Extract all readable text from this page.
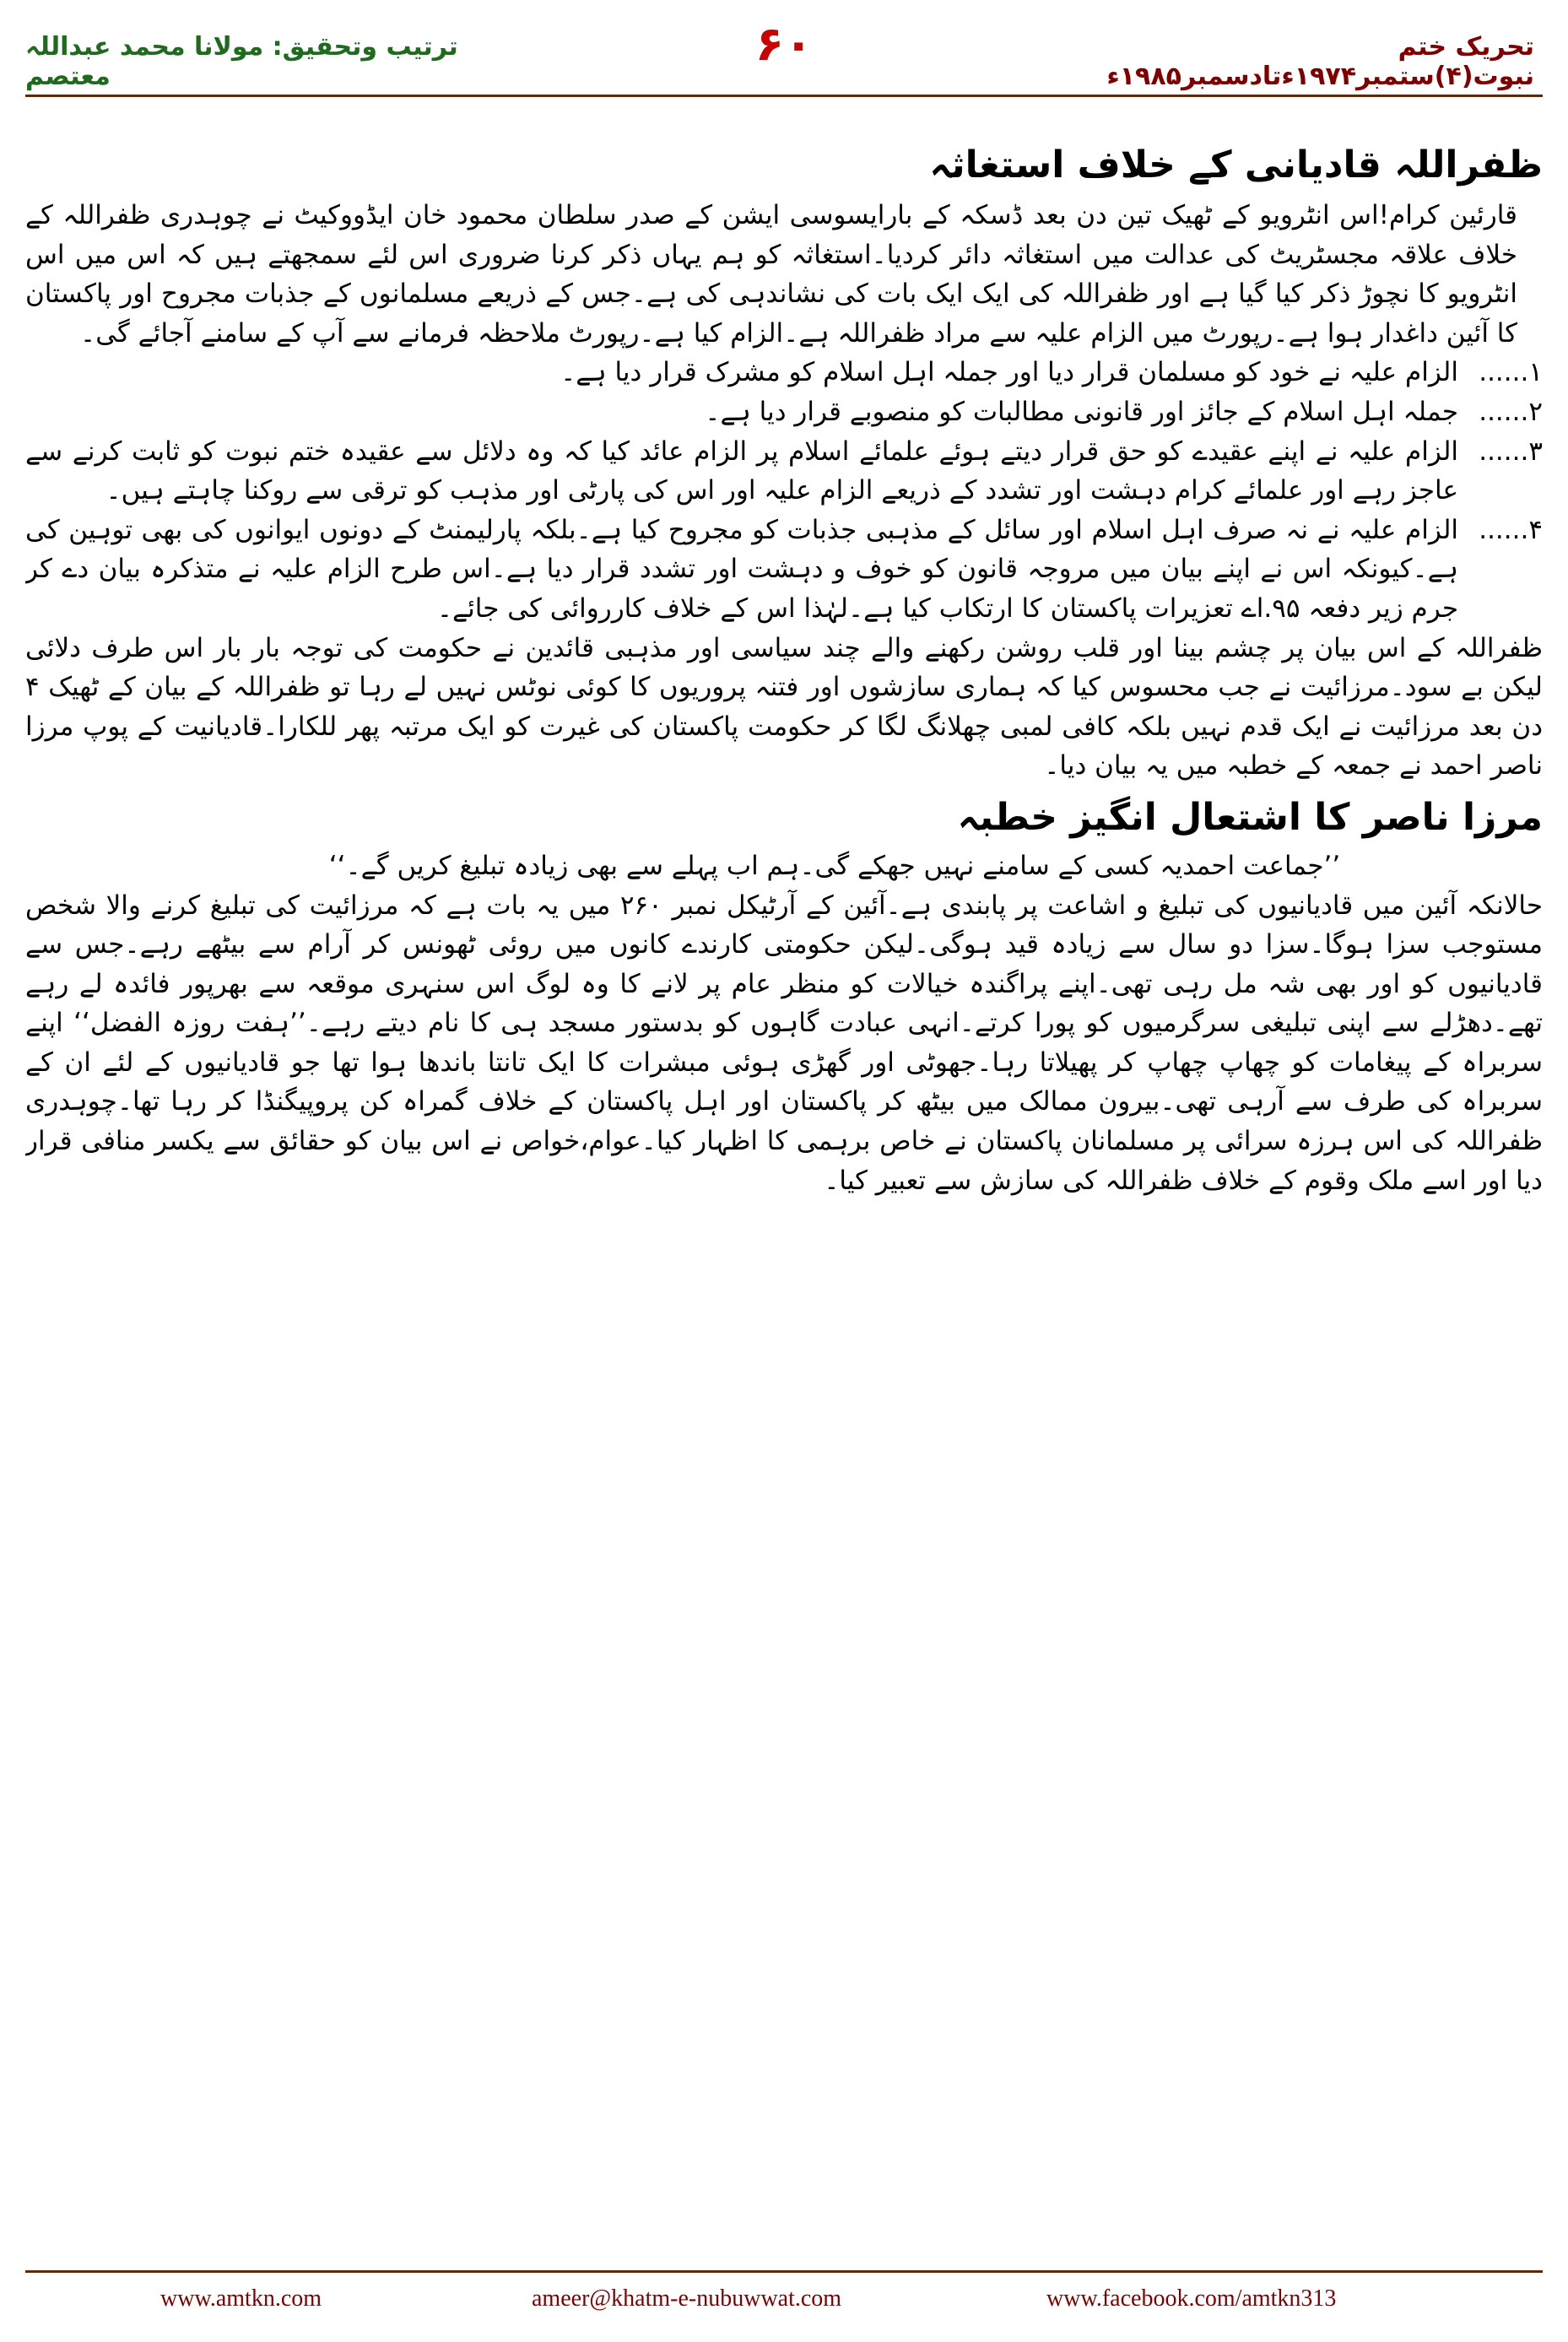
تحریک ختم نبوت(۴)ستمبر۱۹۷۴ءتادسمبر۱۹۸۵ء
۶۰
ترتیب وتحقیق: مولانا محمد عبداللہ معتصم
ظفراللہ قادیانی کے خلاف استغاثہ

قارئین کرام!اس انٹرویو کے ٹھیک تین دن بعد ڈسکہ کے بارایسوسی ایشن کے صدر سلطان محمود خان ایڈووکیٹ نے چوہدری ظفراللہ کے خلاف علاقہ مجسٹریٹ کی عدالت میں استغاثہ دائر کردیا۔استغاثہ کو ہم یہاں ذکر کرنا ضروری اس لئے سمجھتے ہیں کہ اس میں اس انٹرویو کا نچوڑ ذکر کیا گیا ہے اور ظفراللہ کی ایک ایک بات کی نشاندہی کی ہے۔جس کے ذریعے مسلمانوں کے جذبات مجروح اور پاکستان کا آئین داغدار ہوا ہے۔رپورٹ میں الزام علیہ سے مراد ظفراللہ ہے۔الزام کیا ہے۔رپورٹ ملاحظہ فرمانے سے آپ کے سامنے آجائے گی۔

۱......
الزام علیہ نے خود کو مسلمان قرار دیا اور جملہ اہل اسلام کو مشرک قرار دیا ہے۔
۲......
جملہ اہل اسلام کے جائز اور قانونی مطالبات کو منصوبے قرار دیا ہے۔
۳......
الزام علیہ نے اپنے عقیدے کو حق قرار دیتے ہوئے علمائے اسلام پر الزام عائد کیا کہ وہ دلائل سے عقیدہ ختم نبوت کو ثابت کرنے سے عاجز رہے اور علمائے کرام دہشت اور تشدد کے ذریعے الزام علیہ اور اس کی پارٹی اور مذہب کو ترقی سے روکنا چاہتے ہیں۔
۴......
الزام علیہ نے نہ صرف اہل اسلام اور سائل کے مذہبی جذبات کو مجروح کیا ہے۔بلکہ پارلیمنٹ کے دونوں ایوانوں کی بھی توہین کی ہے۔کیونکہ اس نے اپنے بیان میں مروجہ قانون کو خوف و دہشت اور تشدد قرار دیا ہے۔اس طرح الزام علیہ نے متذکرہ بیان دے کر جرم زیر دفعہ ۹۵.اے تعزیرات پاکستان کا ارتکاب کیا ہے۔لہٰذا اس کے خلاف کارروائی کی جائے۔

ظفراللہ کے اس بیان پر چشم بینا اور قلب روشن رکھنے والے چند سیاسی اور مذہبی قائدین نے حکومت کی توجہ بار بار اس طرف دلائی لیکن بے سود۔مرزائیت نے جب محسوس کیا کہ ہماری سازشوں اور فتنہ پروریوں کا کوئی نوٹس نہیں لے رہا تو ظفراللہ کے بیان کے ٹھیک ۴ دن بعد مرزائیت نے ایک قدم نہیں بلکہ کافی لمبی چھلانگ لگا کر حکومت پاکستان کی غیرت کو ایک مرتبہ پھر للکارا۔قادیانیت کے پوپ مرزا ناصر احمد نے جمعہ کے خطبہ میں یہ بیان دیا۔

مرزا ناصر کا اشتعال انگیز خطبہ

’’جماعت احمدیہ کسی کے سامنے نہیں جھکے گی۔ہم اب پہلے سے بھی زیادہ تبلیغ کریں گے۔‘‘

حالانکہ آئین میں قادیانیوں کی تبلیغ و اشاعت پر پابندی ہے۔آئین کے آرٹیکل نمبر ۲۶۰ میں یہ بات ہے کہ مرزائیت کی تبلیغ کرنے والا شخص مستوجب سزا ہوگا۔سزا دو سال سے زیادہ قید ہوگی۔لیکن حکومتی کارندے کانوں میں روئی ٹھونس کر آرام سے بیٹھے رہے۔جس سے قادیانیوں کو اور بھی شہ مل رہی تھی۔اپنے پراگندہ خیالات کو منظر عام پر لانے کا وہ لوگ اس سنہری موقعہ سے بھرپور فائدہ لے رہے تھے۔دھڑلے سے اپنی تبلیغی سرگرمیوں کو پورا کرتے۔انہی عبادت گاہوں کو بدستور مسجد ہی کا نام دیتے رہے۔’’ہفت روزہ الفضل‘‘ اپنے سربراہ کے پیغامات کو چھاپ چھاپ کر پھیلاتا رہا۔جھوٹی اور گھڑی ہوئی مبشرات کا ایک تانتا باندھا ہوا تھا جو قادیانیوں کے لئے ان کے سربراہ کی طرف سے آرہی تھی۔بیرون ممالک میں بیٹھ کر پاکستان اور اہل پاکستان کے خلاف گمراہ کن پروپیگنڈا کر رہا تھا۔چوہدری ظفراللہ کی اس ہرزہ سرائی پر مسلمانان پاکستان نے خاص برہمی کا اظہار کیا۔عوام،خواص نے اس بیان کو حقائق سے یکسر منافی قرار دیا اور اسے ملک وقوم کے خلاف ظفراللہ کی سازش سے تعبیر کیا۔

www.amtkn.com	ameer@khatm-e-nubuwwat.com	www.facebook.com/amtkn313
